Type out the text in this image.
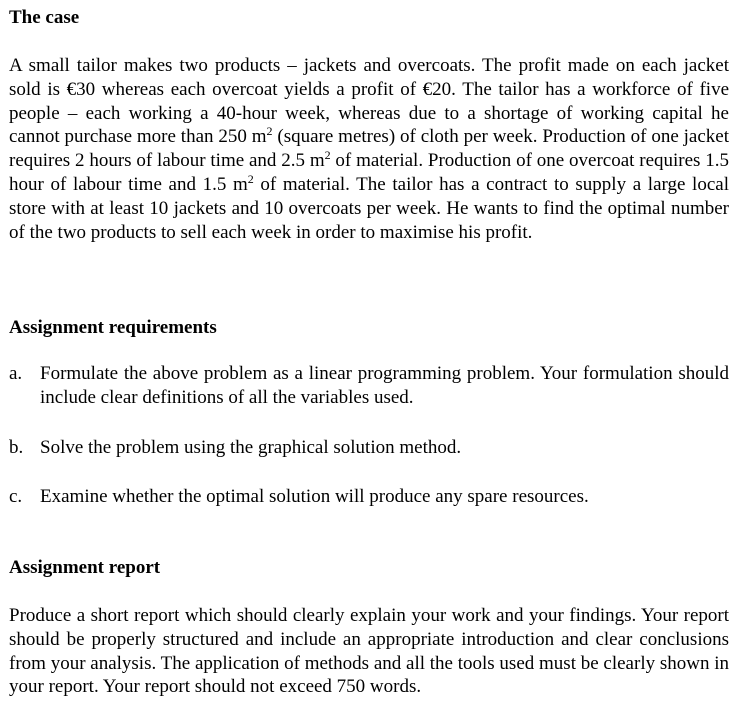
The case

A small tailor makes two products – jackets and overcoats. The profit made on each jacket sold is €30 whereas each overcoat yields a profit of €20. The tailor has a workforce of five people – each working a 40-hour week, whereas due to a shortage of working capital he cannot purchase more than 250 $m^2$ (square metres) of cloth per week. Production of one jacket requires 2 hours of labour time and 2.5 $m^2$ of material. Production of one overcoat requires 1.5 hour of labour time and 1.5 $m^2$ of material. The tailor has a contract to supply a large local store with at least 10 jackets and 10 overcoats per week. He wants to find the optimal number of the two products to sell each week in order to maximise his profit.

Assignment requirements
a. Formulate the above problem as a linear programming problem. Your formulation should include clear definitions of all the variables used.
b. Solve the problem using the graphical solution method.
c. Examine whether the optimal solution will produce any spare resources.
Assignment report

Produce a short report which should clearly explain your work and your findings. Your report should be properly structured and include an appropriate introduction and clear conclusions from your analysis. The application of methods and all the tools used must be clearly shown in your report. Your report should not exceed 750 words.
